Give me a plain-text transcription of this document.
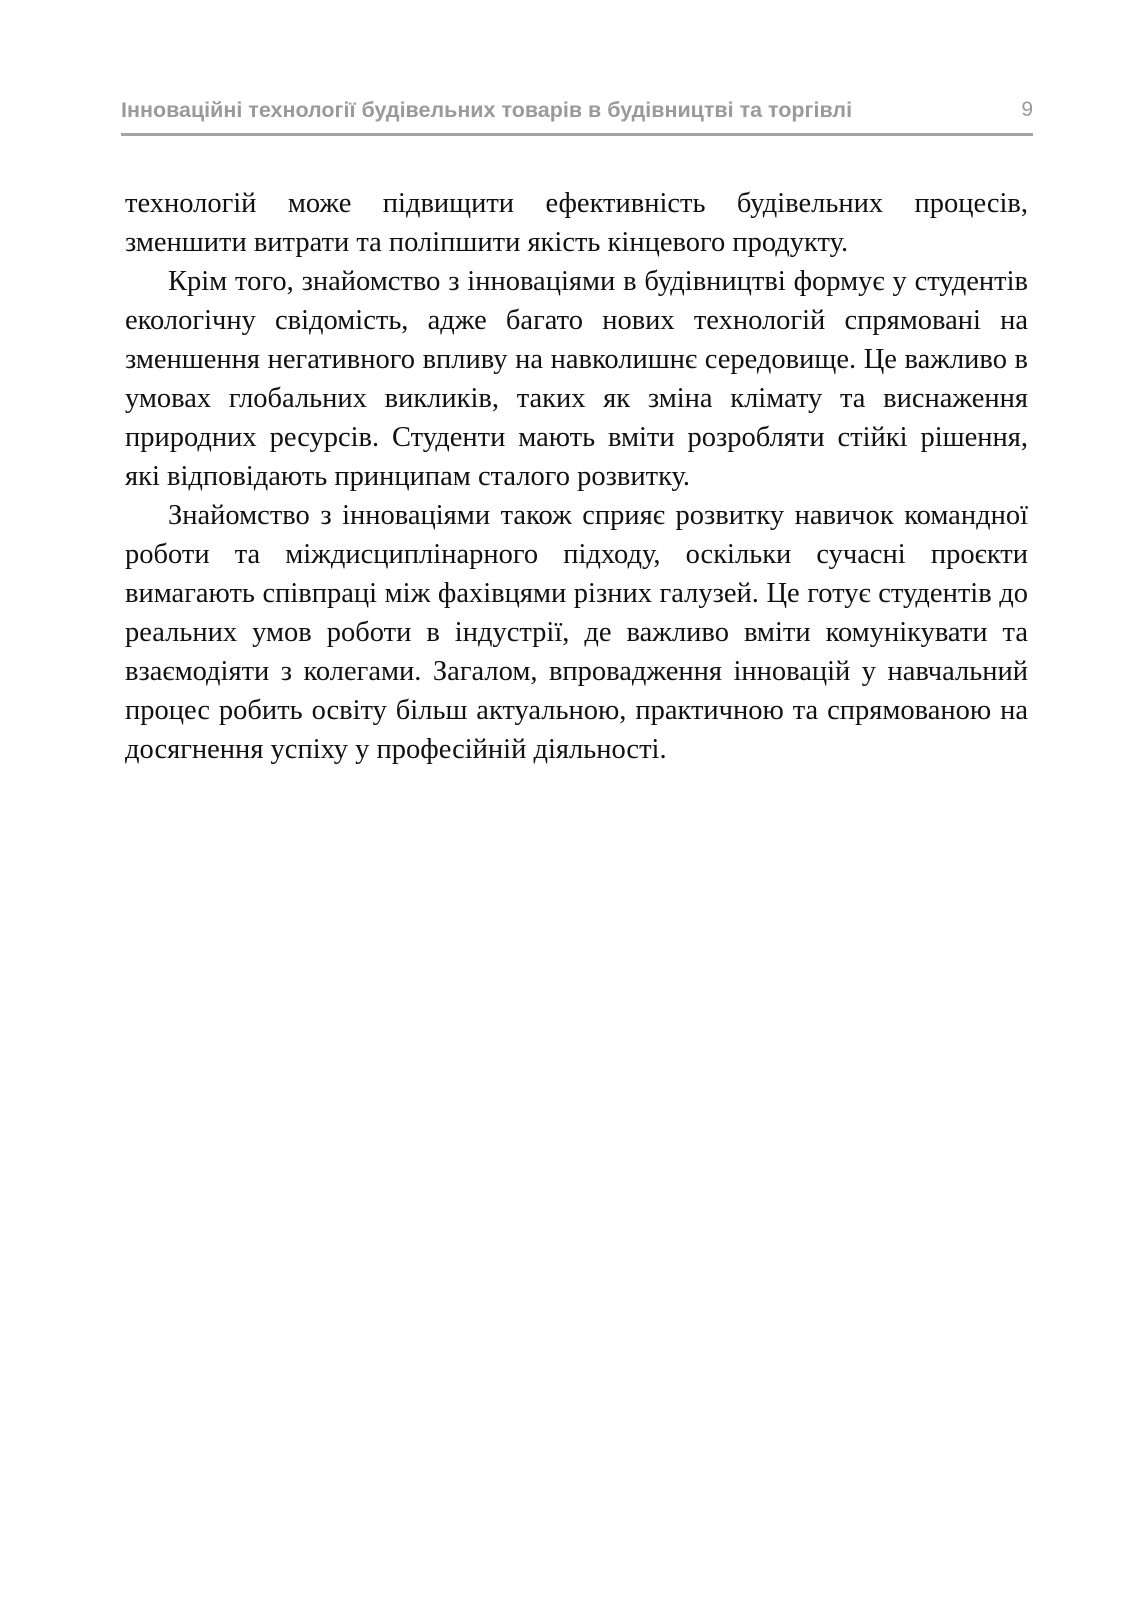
Інноваційні технології будівельних товарів в будівництві та торгівлі	9

технологій може підвищити ефективність будівельних процесів, зменшити витрати та поліпшити якість кінцевого продукту.

Крім того, знайомство з інноваціями в будівництві формує у студентів екологічну свідомість, адже багато нових технологій спрямовані на зменшення негативного впливу на навколишнє середовище. Це важливо в умовах глобальних викликів, таких як зміна клімату та виснаження природних ресурсів. Студенти мають вміти розробляти стійкі рішення, які відповідають принципам сталого розвитку.

Знайомство з інноваціями також сприяє розвитку навичок командної роботи та міждисциплінарного підходу, оскільки сучасні проєкти вимагають співпраці між фахівцями різних галузей. Це готує студентів до реальних умов роботи в індустрії, де важливо вміти комунікувати та взаємодіяти з колегами. Загалом, впровадження інновацій у навчальний процес робить освіту більш актуальною, практичною та спрямованою на досягнення успіху у професійній діяльності.
